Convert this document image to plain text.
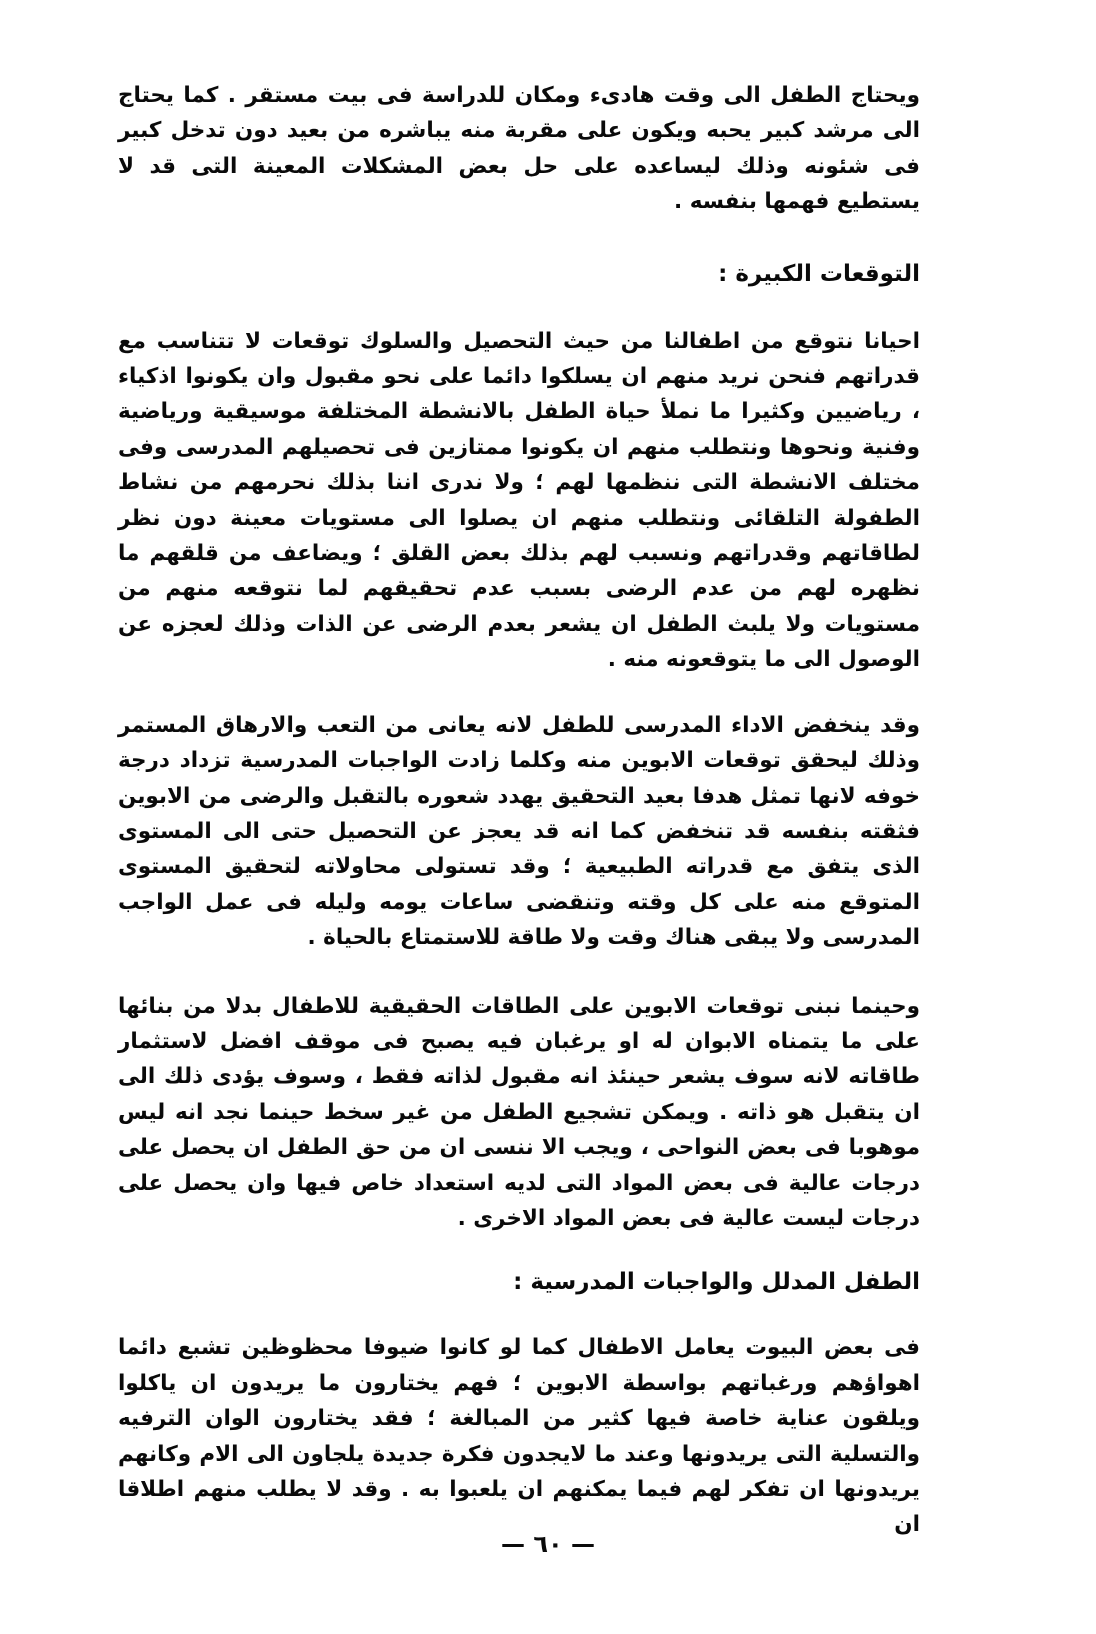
ويحتاج الطفل الى وقت هادىء ومكان للدراسة فى بيت مستقر . كما يحتاج الى مرشد كبير يحبه ويكون على مقربة منه يباشره من بعيد دون تدخل كبير فى شئونه وذلك ليساعده على حل بعض المشكلات المعينة التى قد لا يستطيع فهمها بنفسه .

التوقعات الكبيرة :

احيانا نتوقع من اطفالنا من حيث التحصيل والسلوك توقعات لا تتناسب مع قدراتهم فنحن نريد منهم ان يسلكوا دائما على نحو مقبول وان يكونوا اذكياء ، رياضيين وكثيرا ما نملأ حياة الطفل بالانشطة المختلفة موسيقية ورياضية وفنية ونحوها ونتطلب منهم ان يكونوا ممتازين فى تحصيلهم المدرسى وفى مختلف الانشطة التى ننظمها لهم ؛ ولا ندرى اننا بذلك نحرمهم من نشاط الطفولة التلقائى ونتطلب منهم ان يصلوا الى مستويات معينة دون نظر لطاقاتهم وقدراتهم ونسبب لهم بذلك بعض القلق ؛ ويضاعف من قلقهم ما نظهره لهم من عدم الرضى بسبب عدم تحقيقهم لما نتوقعه منهم من مستويات ولا يلبث الطفل ان يشعر بعدم الرضى عن الذات وذلك لعجزه عن الوصول الى ما يتوقعونه منه .

وقد ينخفض الاداء المدرسى للطفل لانه يعانى من التعب والارهاق المستمر وذلك ليحقق توقعات الابوين منه وكلما زادت الواجبات المدرسية تزداد درجة خوفه لانها تمثل هدفا بعيد التحقيق يهدد شعوره بالتقبل والرضى من الابوين فثقته بنفسه قد تنخفض كما انه قد يعجز عن التحصيل حتى الى المستوى الذى يتفق مع قدراته الطبيعية ؛ وقد تستولى محاولاته لتحقيق المستوى المتوقع منه على كل وقته وتنقضى ساعات يومه وليله فى عمل الواجب المدرسى ولا يبقى هناك وقت ولا طاقة للاستمتاع بالحياة .

وحينما نبنى توقعات الابوين على الطاقات الحقيقية للاطفال بدلا من بنائها على ما يتمناه الابوان له او يرغبان فيه يصبح فى موقف افضل لاستثمار طاقاته لانه سوف يشعر حينئذ انه مقبول لذاته فقط ، وسوف يؤدى ذلك الى ان يتقبل هو ذاته . ويمكن تشجيع الطفل من غير سخط حينما نجد انه ليس موهوبا فى بعض النواحى ، ويجب الا ننسى ان من حق الطفل ان يحصل على درجات عالية فى بعض المواد التى لديه استعداد خاص فيها وان يحصل على درجات ليست عالية فى بعض المواد الاخرى .

الطفل المدلل والواجبات المدرسية :

فى بعض البيوت يعامل الاطفال كما لو كانوا ضيوفا محظوظين تشبع دائما اهواؤهم ورغباتهم بواسطة الابوين ؛ فهم يختارون ما يريدون ان ياكلوا ويلقون عناية خاصة فيها كثير من المبالغة ؛ فقد يختارون الوان الترفيه والتسلية التى يريدونها وعند ما لايجدون فكرة جديدة يلجاون الى الام وكانهم يريدونها ان تفكر لهم فيما يمكنهم ان يلعبوا به . وقد لا يطلب منهم اطلاقا ان

— ٦٠ —
